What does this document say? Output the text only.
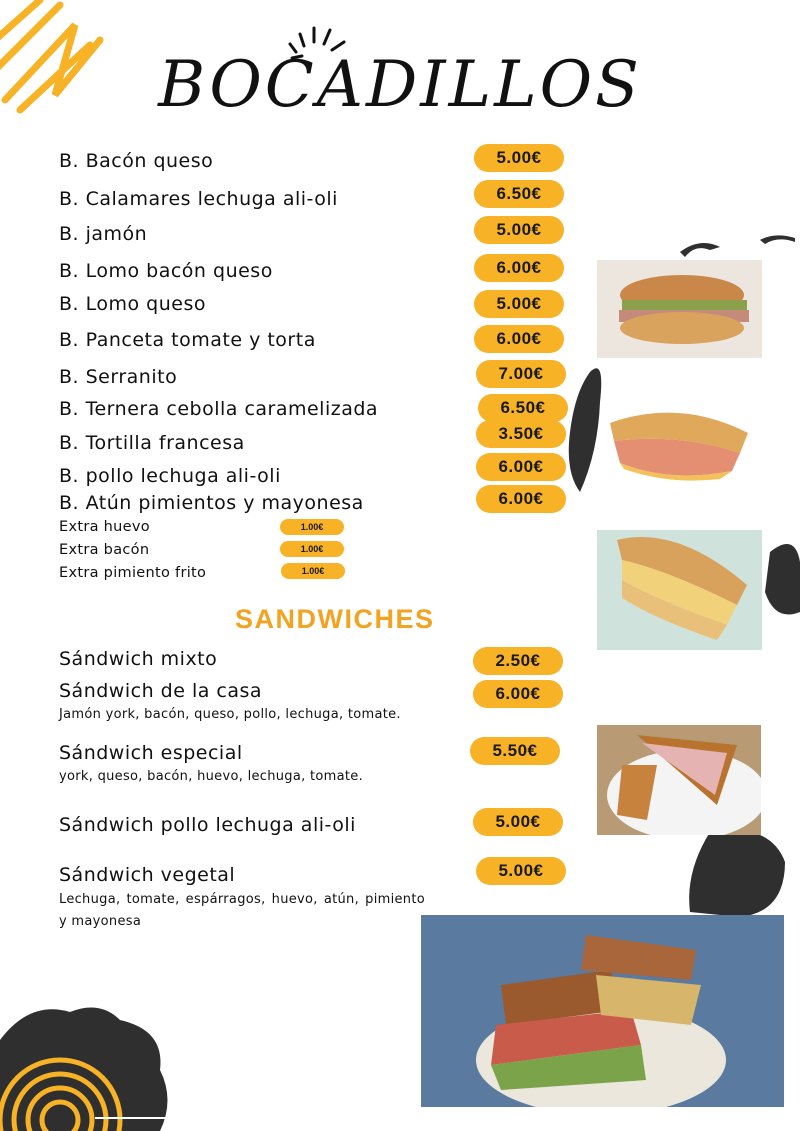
BOCADILLOS
B. Bacón queso	5.00€
B. Calamares lechuga ali-oli	6.50€
B. jamón	5.00€
B. Lomo bacón queso	6.00€
B. Lomo queso	5.00€
B. Panceta tomate y torta	6.00€
B. Serranito	7.00€
B. Ternera cebolla caramelizada	6.50€
B. Tortilla francesa	3.50€
B. pollo lechuga ali-oli	6.00€
B. Atún pimientos y mayonesa	6.00€
Extra huevo	1.00€
Extra bacón	1.00€
Extra pimiento frito	1.00€
SANDWICHES
Sándwich mixto	2.50€
Sándwich de la casa	6.00€
Jamón york, bacón, queso, pollo, lechuga, tomate.
Sándwich especial	5.50€
york, queso, bacón, huevo, lechuga, tomate.
Sándwich pollo lechuga ali-oli	5.00€
Sándwich vegetal	5.00€
Lechuga, tomate, espárragos, huevo, atún, pimiento y mayonesa
